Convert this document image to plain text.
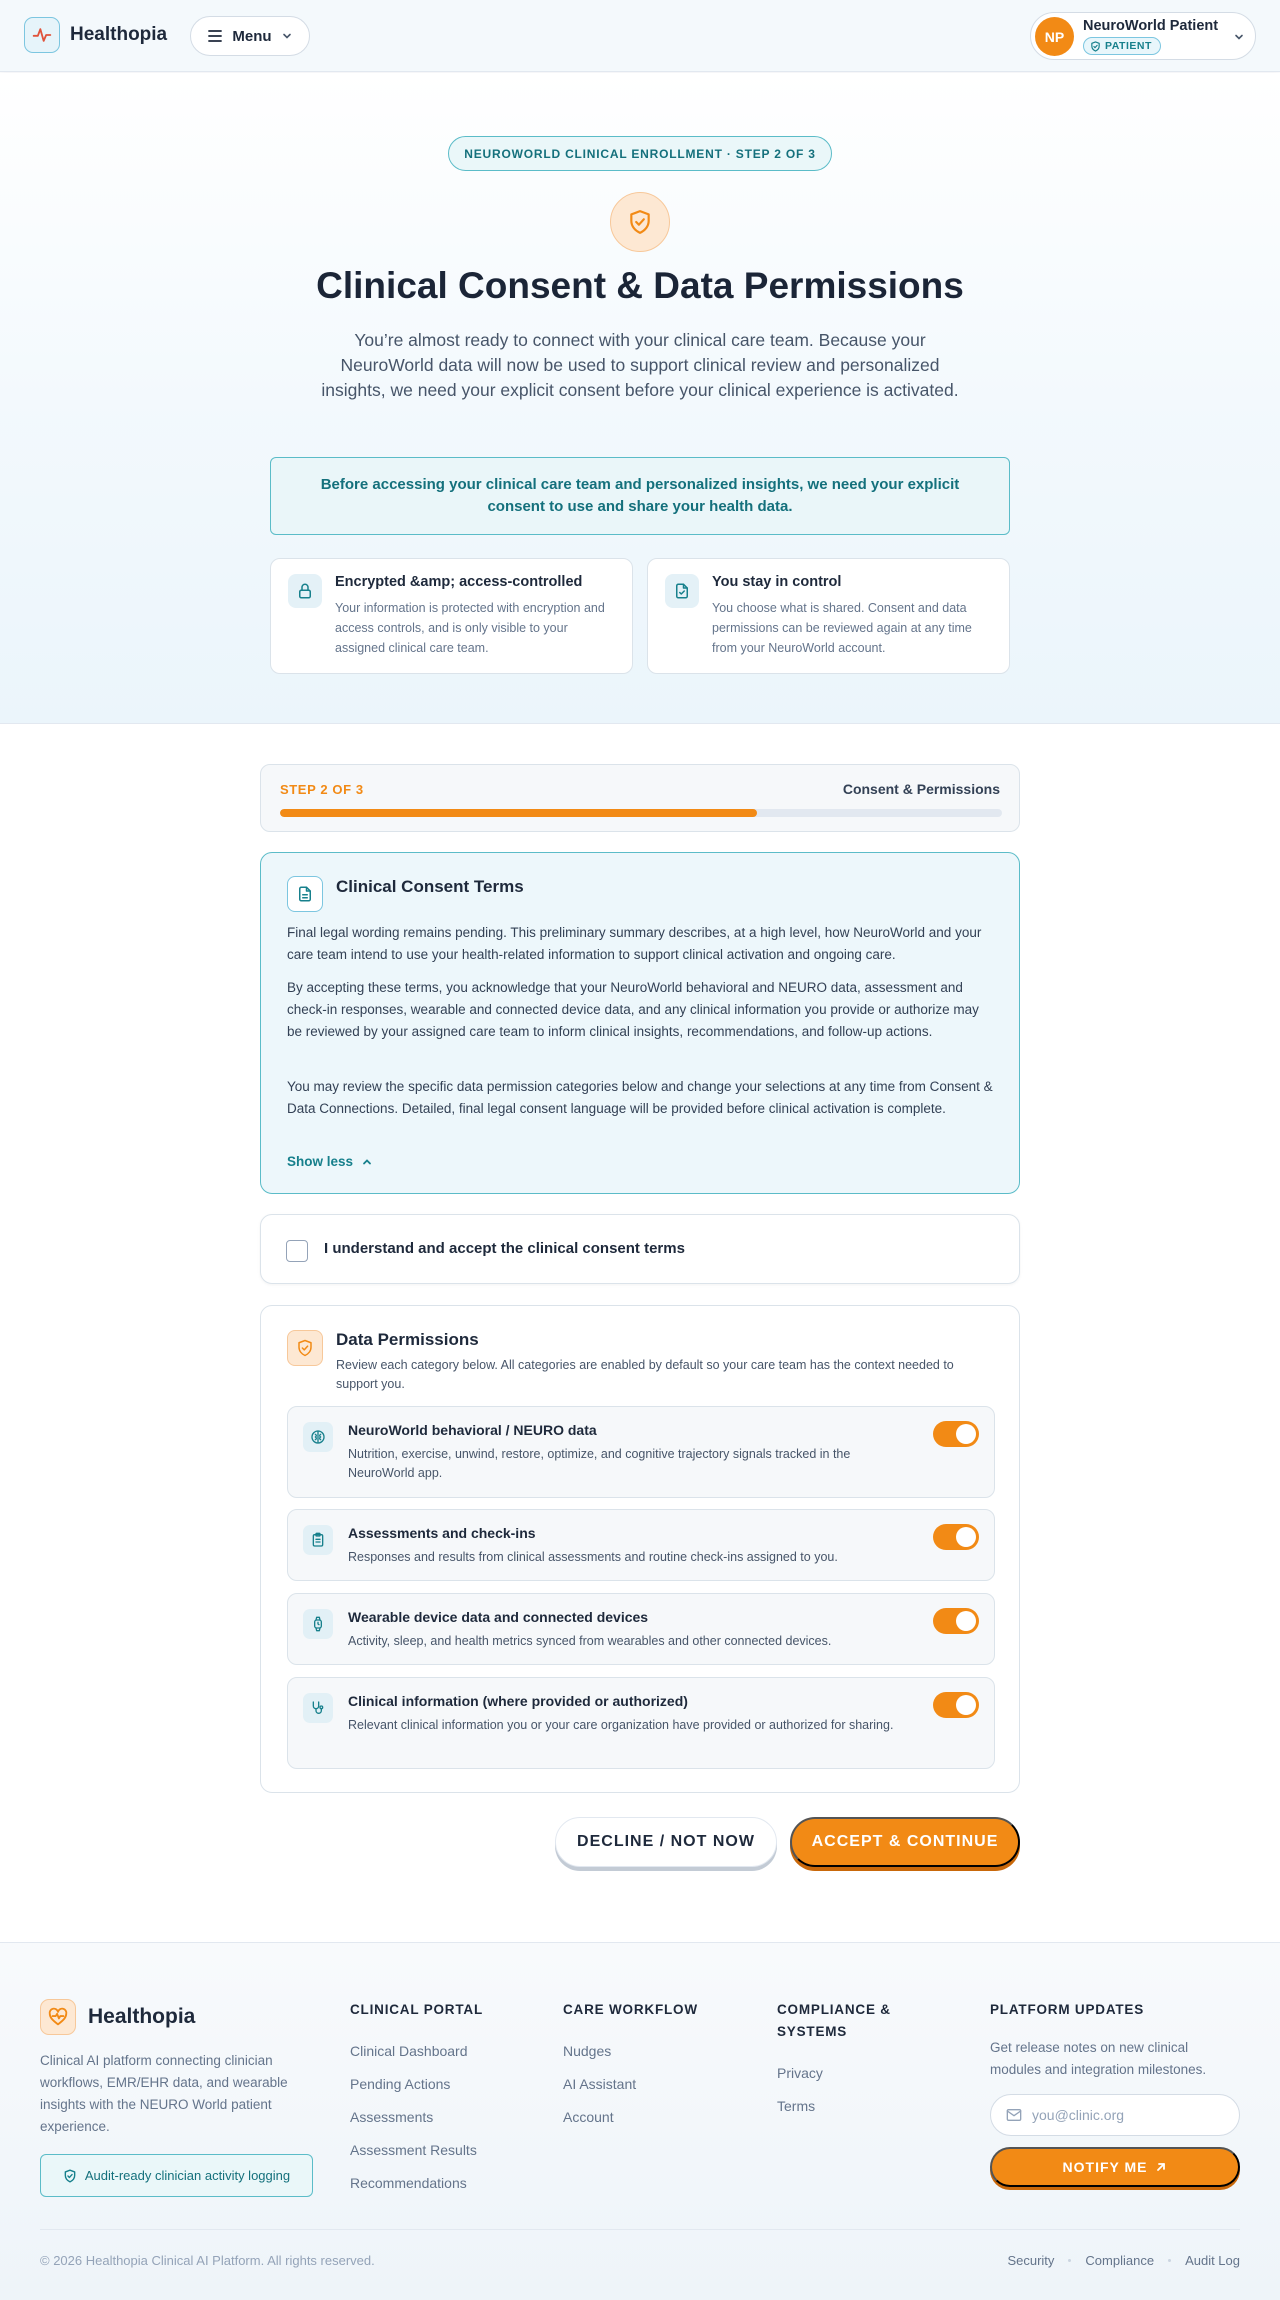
Healthopia	Menu	NP
NeuroWorld Patient
PATIENT
NEUROWORLD CLINICAL ENROLLMENT · STEP 2 OF 3
Clinical Consent & Data Permissions

You’re almost ready to connect with your clinical care team. Because your NeuroWorld data will now be used to support clinical review and personalized insights, we need your explicit consent before your clinical experience is activated.

Before accessing your clinical care team and personalized insights, we need your explicit consent to use and share your health data.
Encrypted &amp; access-controlled
Your information is protected with encryption and access controls, and is only visible to your assigned clinical care team.
You stay in control
You choose what is shared. Consent and data permissions can be reviewed again at any time from your NeuroWorld account.
STEP 2 OF 3	Consent & Permissions
Clinical Consent Terms

Final legal wording remains pending. This preliminary summary describes, at a high level, how NeuroWorld and your care team intend to use your health-related information to support clinical activation and ongoing care.

By accepting these terms, you acknowledge that your NeuroWorld behavioral and NEURO data, assessment and check-in responses, wearable and connected device data, and any clinical information you provide or authorize may be reviewed by your assigned care team to inform clinical insights, recommendations, and follow-up actions.

You may review the specific data permission categories below and change your selections at any time from Consent & Data Connections. Detailed, final legal consent language will be provided before clinical activation is complete.

Show less
I understand and accept the clinical consent terms
Data Permissions

Review each category below. All categories are enabled by default so your care team has the context needed to support you.

NeuroWorld behavioral / NEURO data
Nutrition, exercise, unwind, restore, optimize, and cognitive trajectory signals tracked in the NeuroWorld app.
Assessments and check-ins
Responses and results from clinical assessments and routine check-ins assigned to you.
Wearable device data and connected devices
Activity, sleep, and health metrics synced from wearables and other connected devices.
Clinical information (where provided or authorized)
Relevant clinical information you or your care organization have provided or authorized for sharing.
DECLINE / NOT NOW	ACCEPT & CONTINUE
Healthopia

Clinical AI platform connecting clinician workflows, EMR/EHR data, and wearable insights with the NEURO World patient experience.

Audit-ready clinician activity logging
CLINICAL PORTAL
Clinical Dashboard
Pending Actions
Assessments
Assessment Results
Recommendations
CARE WORKFLOW
Nudges
AI Assistant
Account
COMPLIANCE & SYSTEMS
Privacy
Terms
PLATFORM UPDATES

Get release notes on new clinical modules and integration milestones.

you@clinic.org
NOTIFY ME
© 2026 Healthopia Clinical AI Platform. All rights reserved.	Security Compliance Audit Log
